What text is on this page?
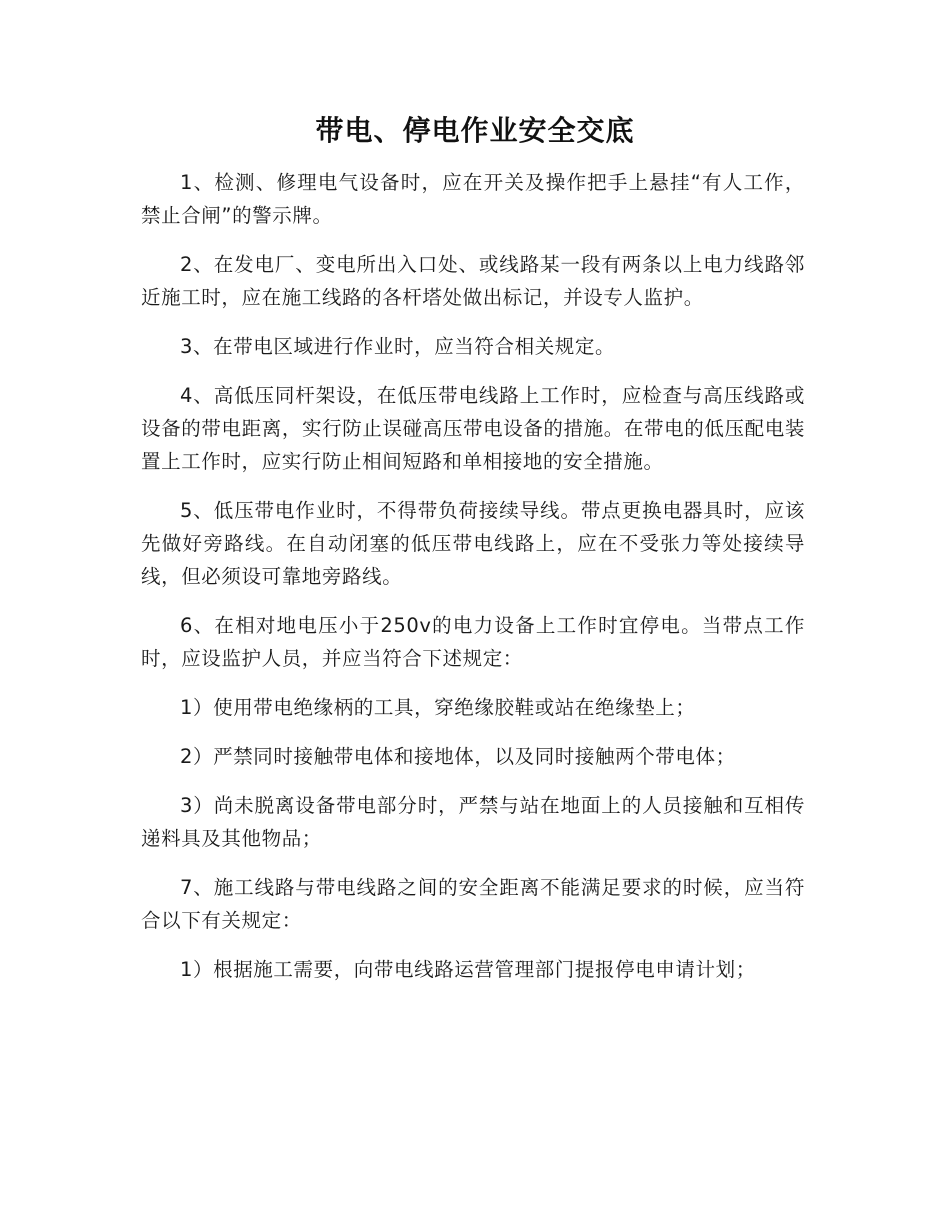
带电、停电作业安全交底

1、检测、修理电气设备时，应在开关及操作把手上悬挂“有人工作，禁止合闸”的警示牌。

2、在发电厂、变电所出入口处、或线路某一段有两条以上电力线路邻近施工时，应在施工线路的各杆塔处做出标记，并设专人监护。

3、在带电区域进行作业时，应当符合相关规定。

4、高低压同杆架设，在低压带电线路上工作时，应检查与高压线路或设备的带电距离，实行防止误碰高压带电设备的措施。在带电的低压配电装置上工作时，应实行防止相间短路和单相接地的安全措施。

5、低压带电作业时，不得带负荷接续导线。带点更换电器具时，应该先做好旁路线。在自动闭塞的低压带电线路上，应在不受张力等处接续导线，但必须设可靠地旁路线。

6、在相对地电压小于250v的电力设备上工作时宜停电。当带点工作时，应设监护人员，并应当符合下述规定：

1）使用带电绝缘柄的工具，穿绝缘胶鞋或站在绝缘垫上；

2）严禁同时接触带电体和接地体，以及同时接触两个带电体；

3）尚未脱离设备带电部分时，严禁与站在地面上的人员接触和互相传递料具及其他物品；

7、施工线路与带电线路之间的安全距离不能满足要求的时候，应当符合以下有关规定：

1）根据施工需要，向带电线路运营管理部门提报停电申请计划；
